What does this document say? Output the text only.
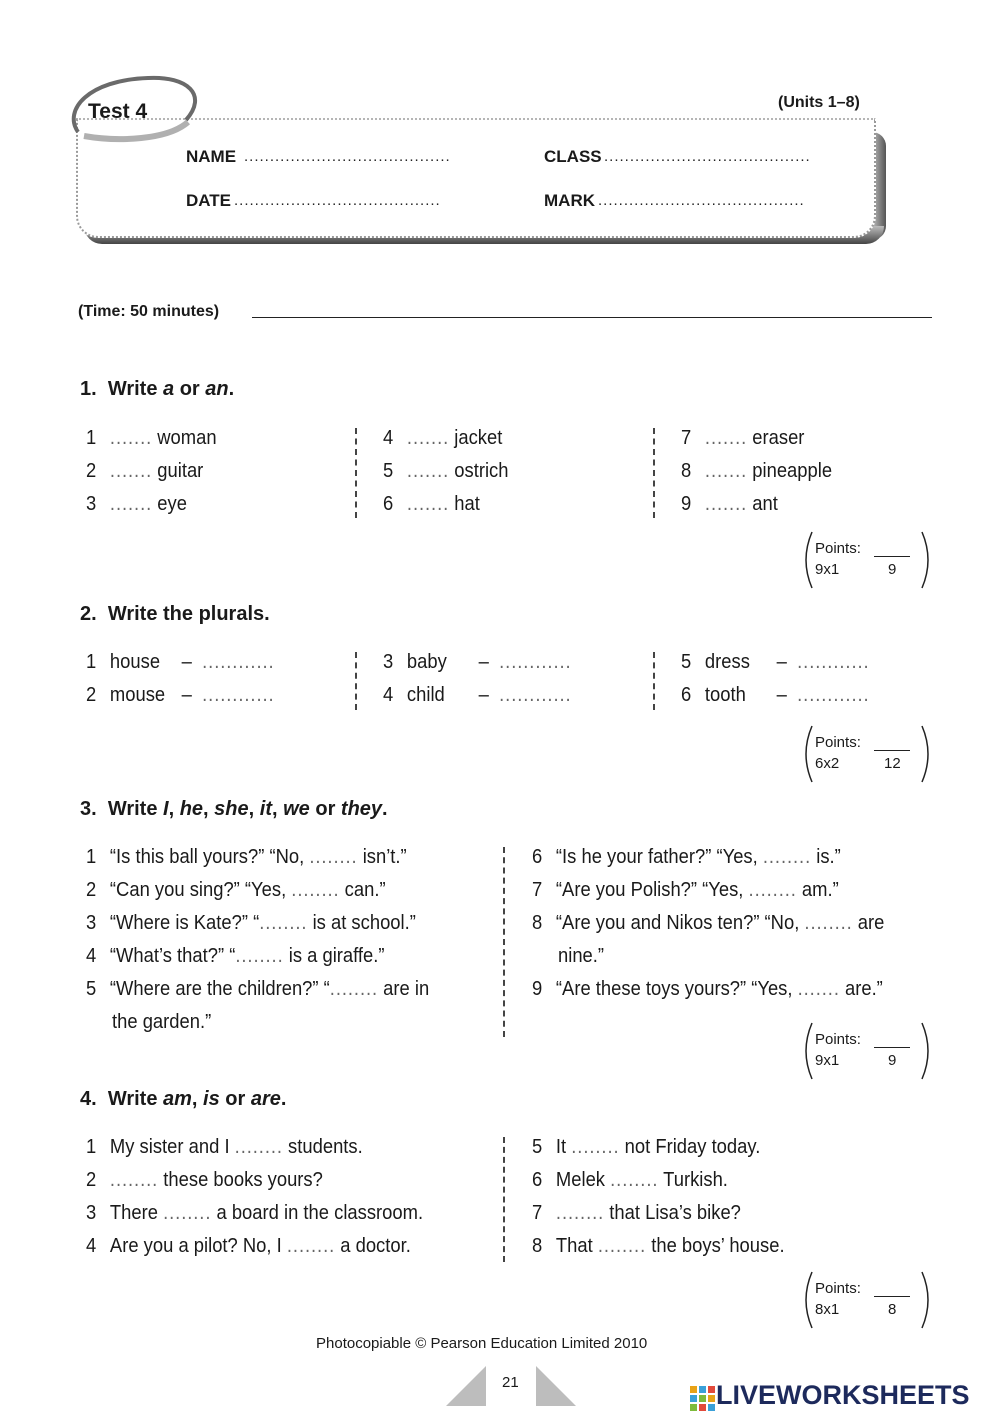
Test 4	(Units 1–8)
NAME ........................................	CLASS ........................................
DATE ........................................	MARK ........................................
(Time: 50 minutes)
1. Write a or an.
1 ....... woman
2 ....... guitar
3 ....... eye
4 ....... jacket
5 ....... ostrich
6 ....... hat
7 ....... eraser
8 ....... pineapple
9 ....... ant
Points:
9x1	9
2. Write the plurals.
1 house – ............
2 mouse – ............
3 baby – ............
4 child – ............
5 dress – ............
6 tooth – ............
Points:
6x2	12
3. Write I, he, she, it, we or they.
1 “Is this ball yours?” “No, ........ isn’t.”
2 “Can you sing?” “Yes, ........ can.”
3 “Where is Kate?” “........ is at school.”
4 “What’s that?” “........ is a giraffe.”
5 “Where are the children?” “........ are in
the garden.”
6 “Is he your father?” “Yes, ........ is.”
7 “Are you Polish?” “Yes, ........ am.”
8 “Are you and Nikos ten?” “No, ........ are
nine.”
9 “Are these toys yours?” “Yes, ....... are.”
Points:
9x1	9
4. Write am, is or are.
1 My sister and I ........ students.
2 ........ these books yours?
3 There ........ a board in the classroom.
4 Are you a pilot? No, I ........ a doctor.
5 It ........ not Friday today.
6 Melek ........ Turkish.
7 ........ that Lisa’s bike?
8 That ........ the boys’ house.
Points:
8x1	8
Photocopiable © Pearson Education Limited 2010
21	LIVEWORKSHEETS
